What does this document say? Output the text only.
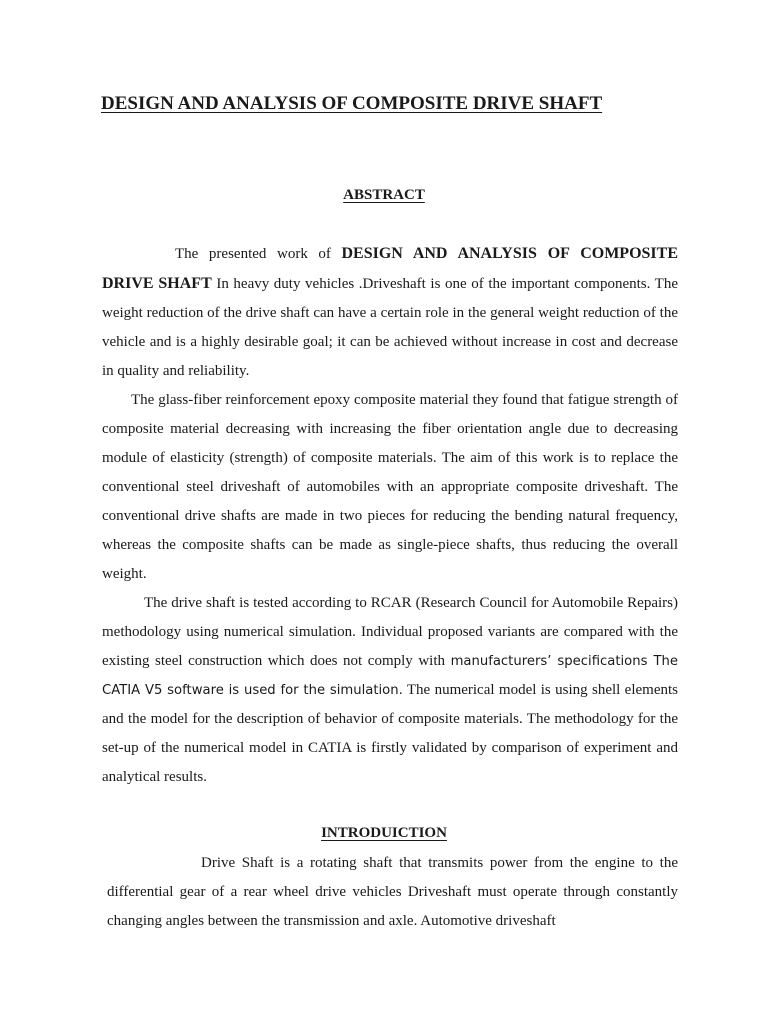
DESIGN AND ANALYSIS OF COMPOSITE DRIVE SHAFT
ABSTRACT

The presented work of DESIGN AND ANALYSIS OF COMPOSITE DRIVE SHAFT In heavy duty vehicles .Driveshaft is one of the important components. The weight reduction of the drive shaft can have a certain role in the general weight reduction of the vehicle and is a highly desirable goal; it can be achieved without increase in cost and decrease in quality and reliability.

The glass-fiber reinforcement epoxy composite material they found that fatigue strength of composite material decreasing with increasing the fiber orientation angle due to decreasing module of elasticity (strength) of composite materials. The aim of this work is to replace the conventional steel driveshaft of automobiles with an appropriate composite driveshaft. The conventional drive shafts are made in two pieces for reducing the bending natural frequency, whereas the composite shafts can be made as single-piece shafts, thus reducing the overall weight.

The drive shaft is tested according to RCAR (Research Council for Automobile Repairs) methodology using numerical simulation. Individual proposed variants are compared with the existing steel construction which does not comply with manufacturers’ specifications The CATIA V5 software is used for the simulation. The numerical model is using shell elements and the model for the description of behavior of composite materials. The methodology for the set-up of the numerical model in CATIA is firstly validated by comparison of experiment and analytical results.

INTRODUICTION

Drive Shaft is a rotating shaft that transmits power from the engine to the differential gear of a rear wheel drive vehicles Driveshaft must operate through constantly changing angles between the transmission and axle. Automotive driveshaft
